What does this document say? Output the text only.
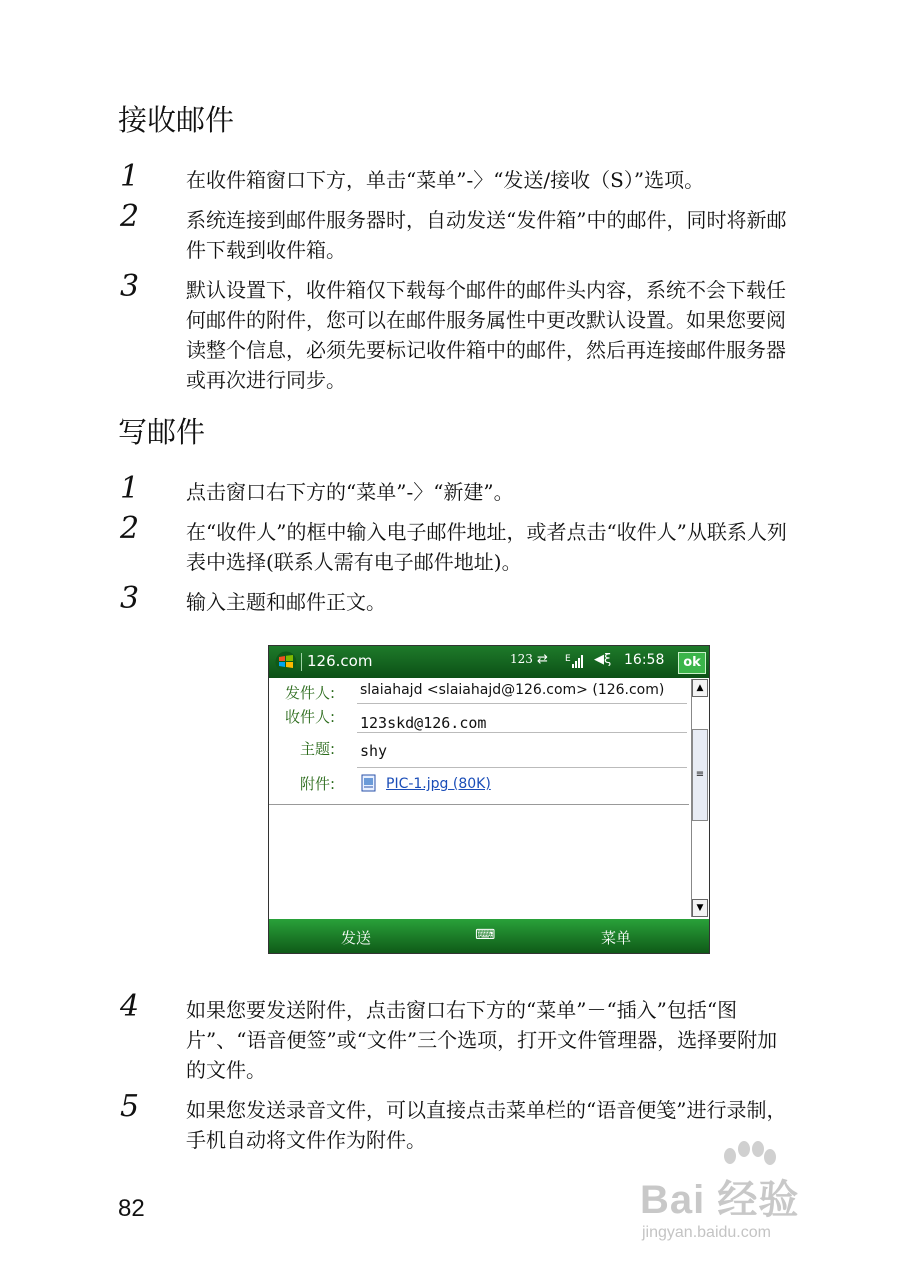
接收邮件
1 在收件箱窗口下方，单击“菜单”-〉“发送/接收（S）”选项。
2 系统连接到邮件服务器时，自动发送“发件箱”中的邮件，同时将新邮件下载到收件箱。
3 默认设置下，收件箱仅下载每个邮件的邮件头内容，系统不会下载任何邮件的附件，您可以在邮件服务属性中更改默认设置。如果您要阅读整个信息，必须先要标记收件箱中的邮件，然后再连接邮件服务器或再次进行同步。
写邮件
1 点击窗口右下方的“菜单”-〉“新建”。
2 在“收件人”的框中输入电子邮件地址，或者点击“收件人”从联系人列表中选择(联系人需有电子邮件地址)。
3 输入主题和邮件正文。
126.com	123 ⇄ E ◀ξ 16:58	ok
发件人: slaiahajd <slaiahajd@126.com> (126.com)
收件人: 123skd@126.com
主题: shy
附件:	PIC-1.jpg (80K)
▲
≡
▼
发送	⌨	菜单
4 如果您要发送附件，点击窗口右下方的“菜单”－“插入”包括“图片”、“语音便签”或“文件”三个选项，打开文件管理器，选择要附加的文件。
5 如果您发送录音文件，可以直接点击菜单栏的“语音便笺”进行录制，手机自动将文件作为附件。
82	Bai 经验
jingyan.baidu.com
